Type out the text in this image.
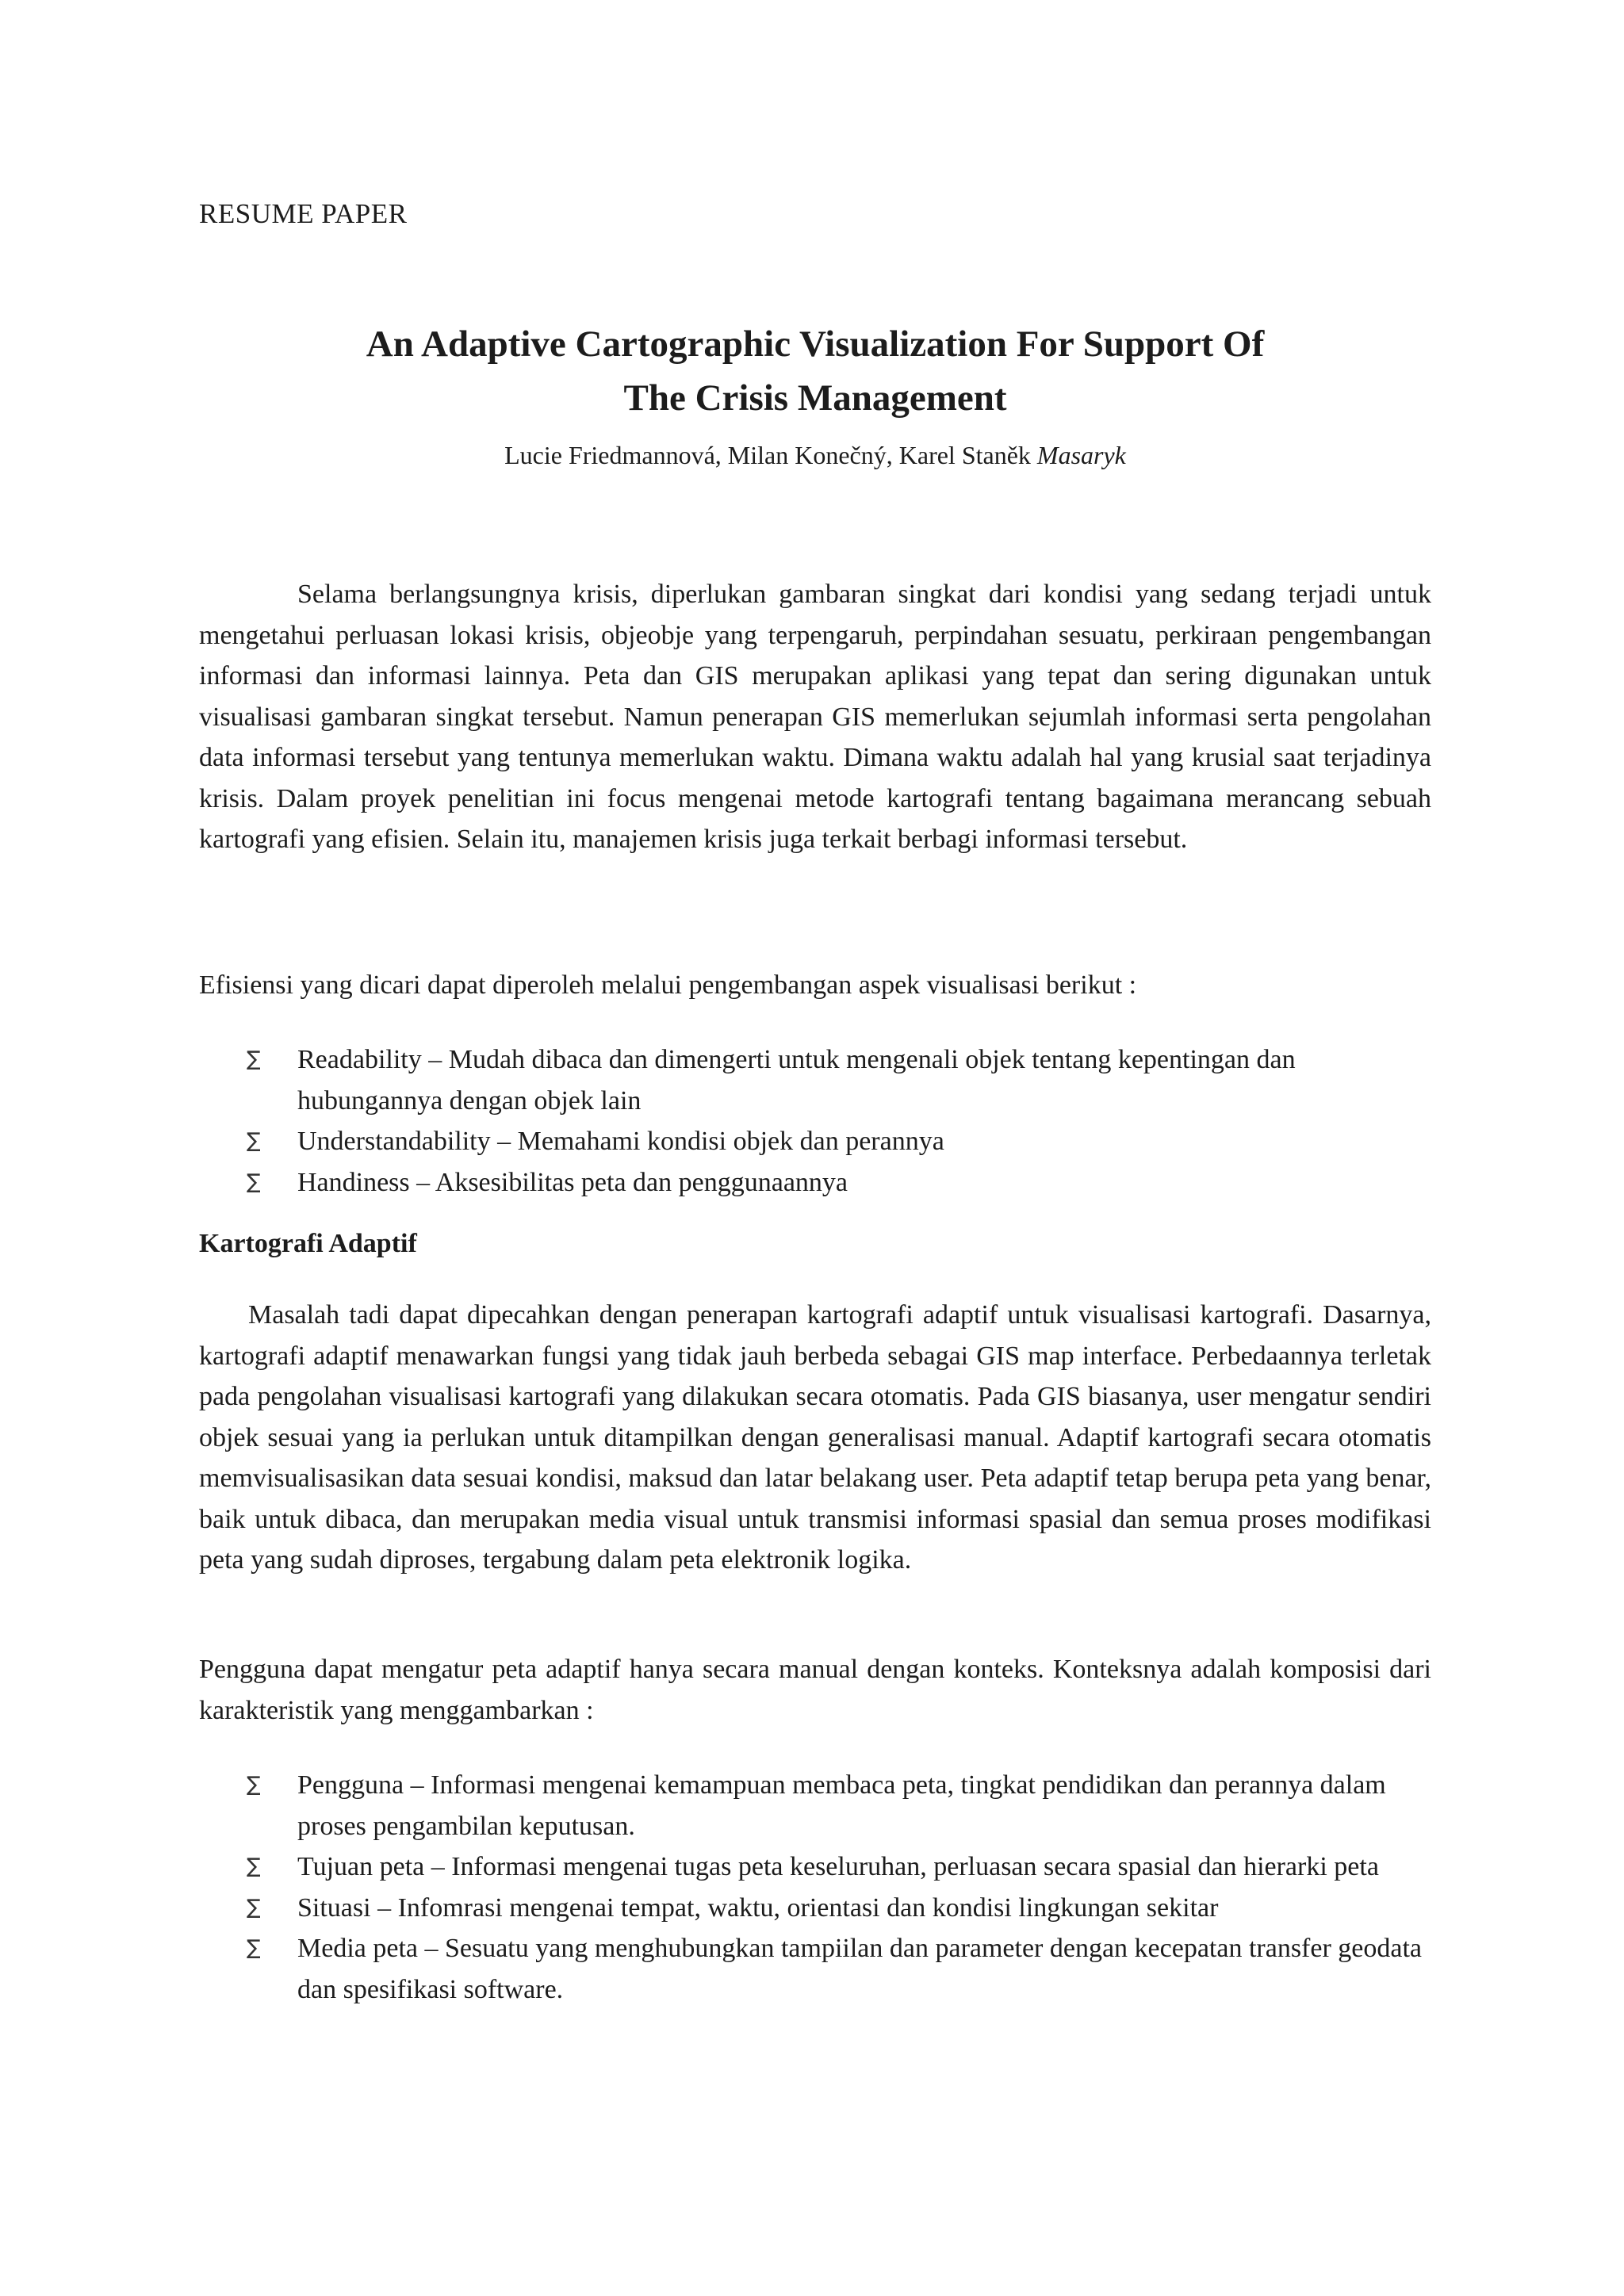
RESUME PAPER
An Adaptive Cartographic Visualization For Support Of
The Crisis Management
Lucie Friedmannová, Milan Konečný, Karel Staněk Masaryk

Selama berlangsungnya krisis, diperlukan gambaran singkat dari kondisi yang sedang terjadi untuk mengetahui perluasan lokasi krisis, objeobje yang terpengaruh, perpindahan sesuatu, perkiraan pengembangan informasi dan informasi lainnya. Peta dan GIS merupakan aplikasi yang tepat dan sering digunakan untuk visualisasi gambaran singkat tersebut. Namun penerapan GIS memerlukan sejumlah informasi serta pengolahan data informasi tersebut yang tentunya memerlukan waktu. Dimana waktu adalah hal yang krusial saat terjadinya krisis. Dalam proyek penelitian ini focus mengenai metode kartografi tentang bagaimana merancang sebuah kartografi yang efisien. Selain itu, manajemen krisis juga terkait berbagi informasi tersebut.

Efisiensi yang dicari dapat diperoleh melalui pengembangan aspek visualisasi berikut :

∑ Readability – Mudah dibaca dan dimengerti untuk mengenali objek tentang kepentingan dan hubungannya dengan objek lain
∑ Understandability – Memahami kondisi objek dan perannya
∑ Handiness – Aksesibilitas peta dan penggunaannya
Kartografi Adaptif

Masalah tadi dapat dipecahkan dengan penerapan kartografi adaptif untuk visualisasi kartografi. Dasarnya, kartografi adaptif menawarkan fungsi yang tidak jauh berbeda sebagai GIS map interface. Perbedaannya terletak pada pengolahan visualisasi kartografi yang dilakukan secara otomatis. Pada GIS biasanya, user mengatur sendiri objek sesuai yang ia perlukan untuk ditampilkan dengan generalisasi manual. Adaptif kartografi secara otomatis memvisualisasikan data sesuai kondisi, maksud dan latar belakang user. Peta adaptif tetap berupa peta yang benar, baik untuk dibaca, dan merupakan media visual untuk transmisi informasi spasial dan semua proses modifikasi peta yang sudah diproses, tergabung dalam peta elektronik logika.

Pengguna dapat mengatur peta adaptif hanya secara manual dengan konteks. Konteksnya adalah komposisi dari karakteristik yang menggambarkan :

∑ Pengguna – Informasi mengenai kemampuan membaca peta, tingkat pendidikan dan perannya dalam proses pengambilan keputusan.
∑ Tujuan peta – Informasi mengenai tugas peta keseluruhan, perluasan secara spasial dan hierarki peta
∑ Situasi – Infomrasi mengenai tempat, waktu, orientasi dan kondisi lingkungan sekitar
∑ Media peta – Sesuatu yang menghubungkan tampiilan dan parameter dengan kecepatan transfer geodata dan spesifikasi software.
